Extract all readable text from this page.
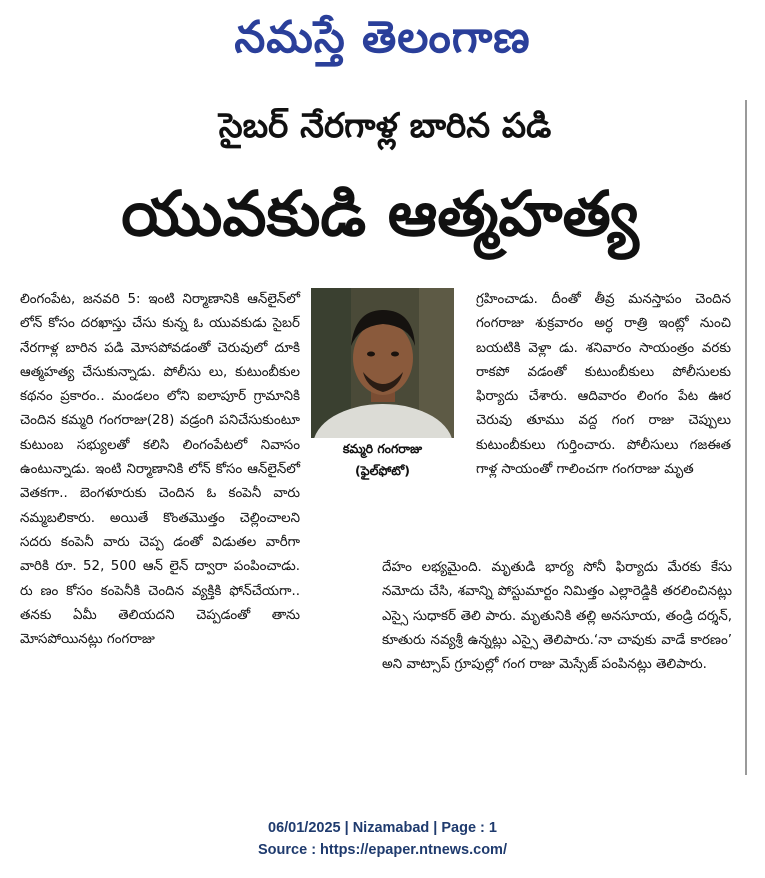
నమస్తే తెలంగాణ
సైబర్ నేరగాళ్ల బారిన పడి
యువకుడి ఆత్మహత్య
లింగంపేట, జనవరి 5: ఇంటి నిర్మాణానికి ఆన్‌లైన్‌లో లోన్ కోసం దరఖాస్తు చేసు కున్న ఓ యువకుడు సైబర్ నేరగాళ్ల బారిన పడి మోసపోవడంతో చెరువులో దూకి ఆత్మహత్య చేసుకున్నాడు. పోలీసు లు, కుటుంబీకుల కథనం ప్రకారం.. మండలం లోని ఐలాపూర్ గ్రామానికి చెందిన కమ్మరి గంగరాజు(28) వడ్రంగి పనిచేసుకుంటూ కుటుంబ సభ్యులతో కలిసి లింగంపేటలో నివాసం ఉంటున్నాడు. ఇంటి నిర్మాణానికి లోన్ కోసం ఆన్‌లైన్‌లో వెతకగా.. బెంగళూరుకు చెందిన ఓ కంపెనీ వారు నమ్మబలికారు. అయితే కొంతమొత్తం చెల్లించాలని సదరు కంపెనీ వారు చెప్ప డంతో విడుతల వారీగా వారికి రూ. 52, 500 ఆన్ లైన్ ద్వారా పంపించాడు. రు ణం కోసం కంపెనీకి చెందిన వ్యక్తికి ఫోన్‌చేయగా.. తనకు ఏమీ తెలియదని చెప్పడంతో తాను మోసపోయినట్లు గంగరాజు
కమ్మరి గంగరాజు
(ఫైల్‌ఫోటో)
గ్రహించాడు. దీంతో తీవ్ర మనస్తాపం చెందిన గంగరాజు శుక్రవారం అర్ధ రాత్రి ఇంట్లో నుంచి బయటికి వెళ్లా డు. శనివారం సాయంత్రం వరకు రాకపో వడంతో కుటుంబీకులు పోలీసులకు ఫిర్యాదు చేశారు. ఆదివారం లింగం పేట ఊర చెరువు తూము వద్ద గంగ రాజు చెప్పులు కుటుంబీకులు గుర్తించారు. పోలీసులు గజఈత గాళ్ల సాయంతో గాలించగా గంగరాజు మృత
దేహం లభ్యమైంది. మృతుడి భార్య సోనీ ఫిర్యాదు మేరకు కేసు నమోదు చేసి, శవాన్ని పోస్టుమార్టం నిమిత్తం ఎల్లారెడ్డికి తరలించినట్లు ఎస్సై సుధాకర్ తెలి పారు. మృతునికి తల్లి అనసూయ, తండ్రి దర్శన్, కూతురు నవ్యశ్రీ ఉన్నట్లు ఎస్సై తెలిపారు.‘నా చావుకు వాడే కారణం’ అని వాట్సాప్ గ్రూపుల్లో గంగ రాజు మెస్సేజ్ పంపినట్లు తెలిపారు.
06/01/2025 | Nizamabad | Page : 1
Source : https://epaper.ntnews.com/
